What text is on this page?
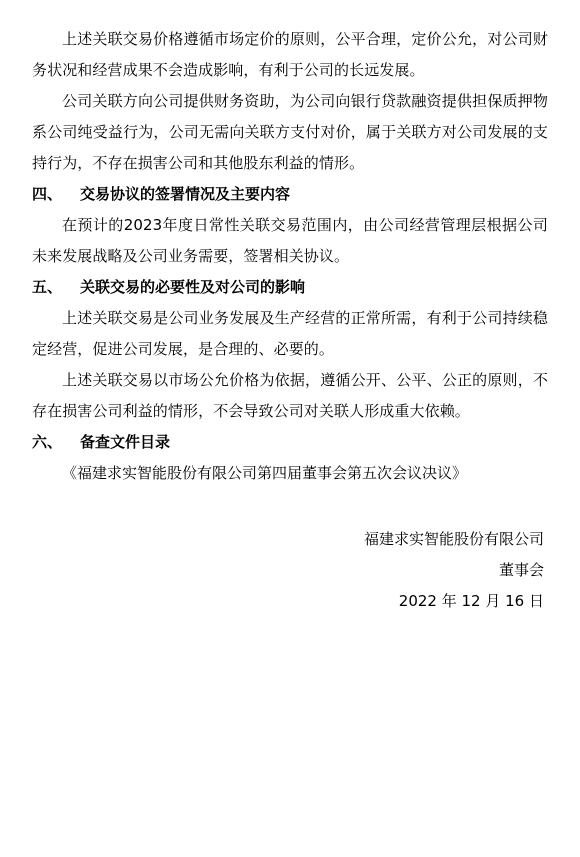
上述关联交易价格遵循市场定价的原则，公平合理，定价公允，对公司财务状况和经营成果不会造成影响，有利于公司的长远发展。

公司关联方向公司提供财务资助，为公司向银行贷款融资提供担保质押物系公司纯受益行为，公司无需向关联方支付对价，属于关联方对公司发展的支持行为，不存在损害公司和其他股东利益的情形。

四、	交易协议的签署情况及主要内容

在预计的2023年度日常性关联交易范围内，由公司经营管理层根据公司未来发展战略及公司业务需要，签署相关协议。

五、	关联交易的必要性及对公司的影响

上述关联交易是公司业务发展及生产经营的正常所需，有利于公司持续稳定经营，促进公司发展，是合理的、必要的。

上述关联交易以市场公允价格为依据，遵循公开、公平、公正的原则，不存在损害公司利益的情形，不会导致公司对关联人形成重大依赖。

六、	备查文件目录

《福建求实智能股份有限公司第四届董事会第五次会议决议》

福建求实智能股份有限公司
董事会
2022 年 12 月 16 日
